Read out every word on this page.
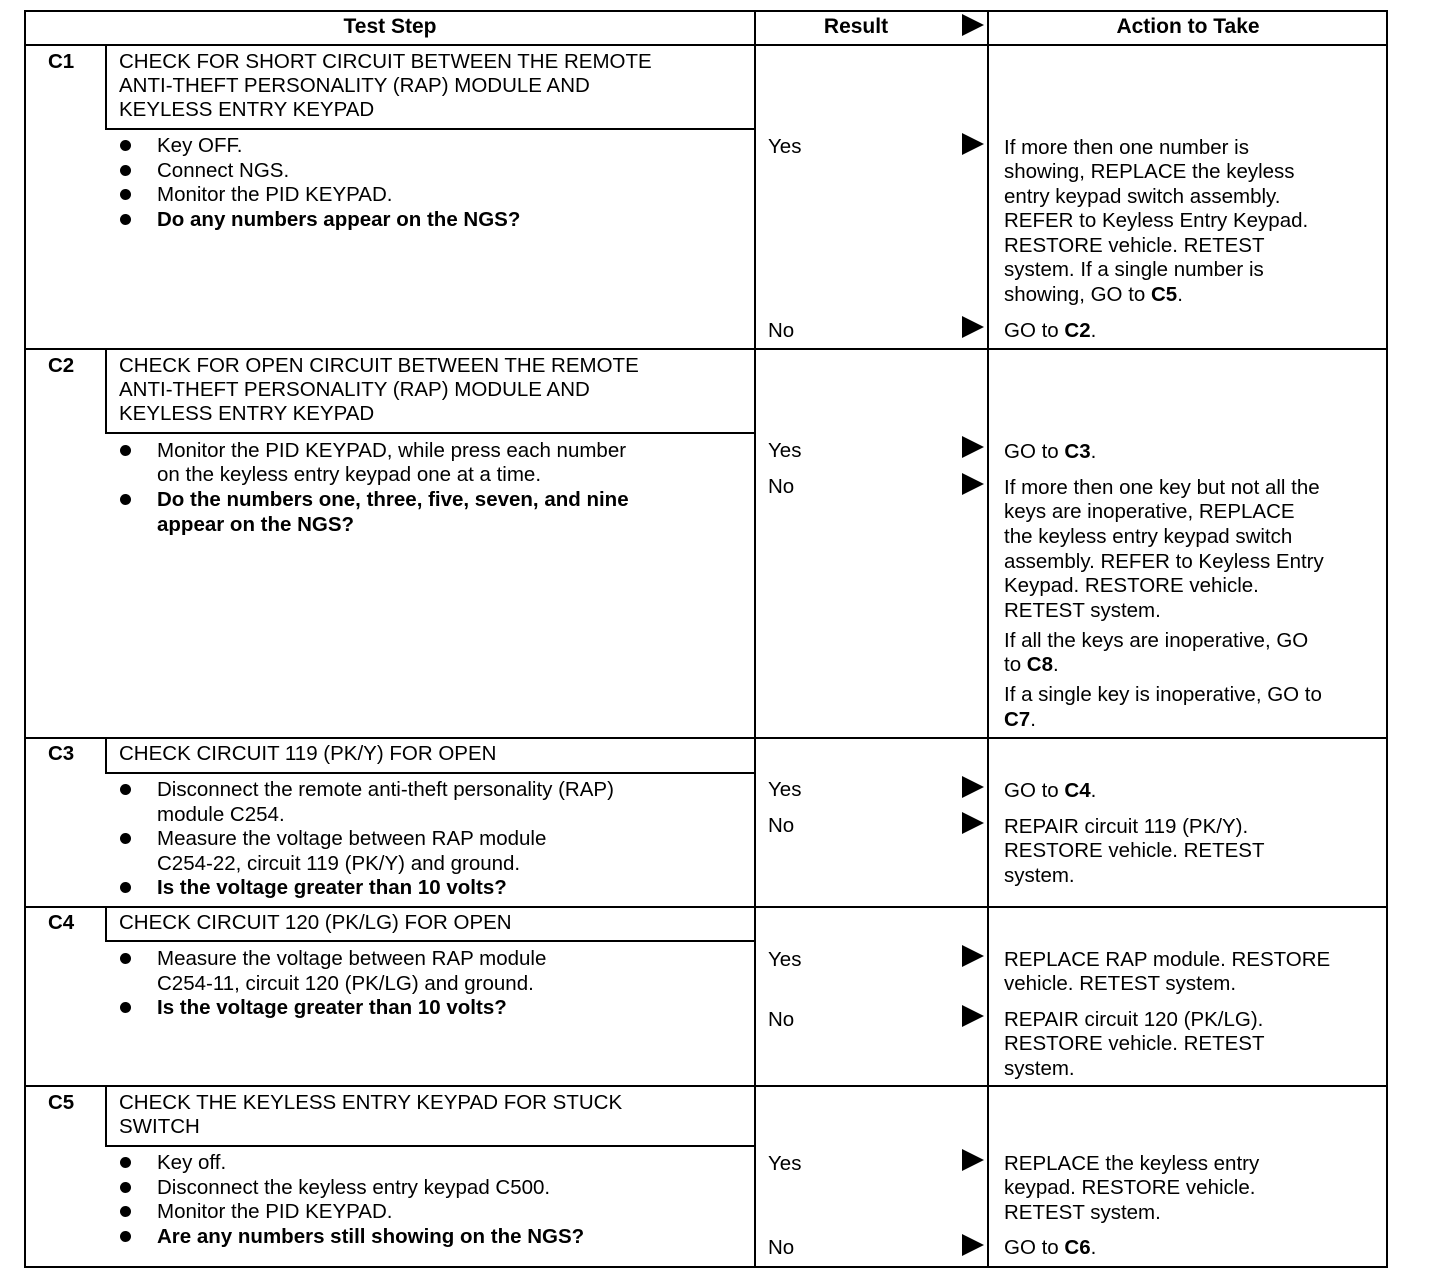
Test Step	Result	Action to Take
C1 CHECK FOR SHORT CIRCUIT BETWEEN THE REMOTE
ANTI-THEFT PERSONALITY (RAP) MODULE AND
KEYLESS ENTRY KEYPAD
Key OFF.
Connect NGS.
Monitor the PID KEYPAD.
Do any numbers appear on the NGS?
Yes	If more then one number is
showing, REPLACE the keyless
entry keypad switch assembly.
REFER to Keyless Entry Keypad.
RESTORE vehicle. RETEST
system. If a single number is
showing, GO to C5.
No	GO to C2.
C2 CHECK FOR OPEN CIRCUIT BETWEEN THE REMOTE
ANTI-THEFT PERSONALITY (RAP) MODULE AND
KEYLESS ENTRY KEYPAD
Monitor the PID KEYPAD, while press each number
on the keyless entry keypad one at a time.
Do the numbers one, three, five, seven, and nine
appear on the NGS?
Yes	GO to C3.
No	If more then one key but not all the
keys are inoperative, REPLACE
the keyless entry keypad switch
assembly. REFER to Keyless Entry
Keypad. RESTORE vehicle.
RETEST system.
If all the keys are inoperative, GO
to C8.
If a single key is inoperative, GO to
C7.
C3 CHECK CIRCUIT 119 (PK/Y) FOR OPEN
Disconnect the remote anti-theft personality (RAP)
module C254.
Measure the voltage between RAP module
C254-22, circuit 119 (PK/Y) and ground.
Is the voltage greater than 10 volts?
Yes	GO to C4.
No	REPAIR circuit 119 (PK/Y).
RESTORE vehicle. RETEST
system.
C4 CHECK CIRCUIT 120 (PK/LG) FOR OPEN
Measure the voltage between RAP module
C254-11, circuit 120 (PK/LG) and ground.
Is the voltage greater than 10 volts?
Yes	REPLACE RAP module. RESTORE
vehicle. RETEST system.
No	REPAIR circuit 120 (PK/LG).
RESTORE vehicle. RETEST
system.
C5 CHECK THE KEYLESS ENTRY KEYPAD FOR STUCK
SWITCH
Key off.
Disconnect the keyless entry keypad C500.
Monitor the PID KEYPAD.
Are any numbers still showing on the NGS?
Yes	REPLACE the keyless entry
keypad. RESTORE vehicle.
RETEST system.
No	GO to C6.
